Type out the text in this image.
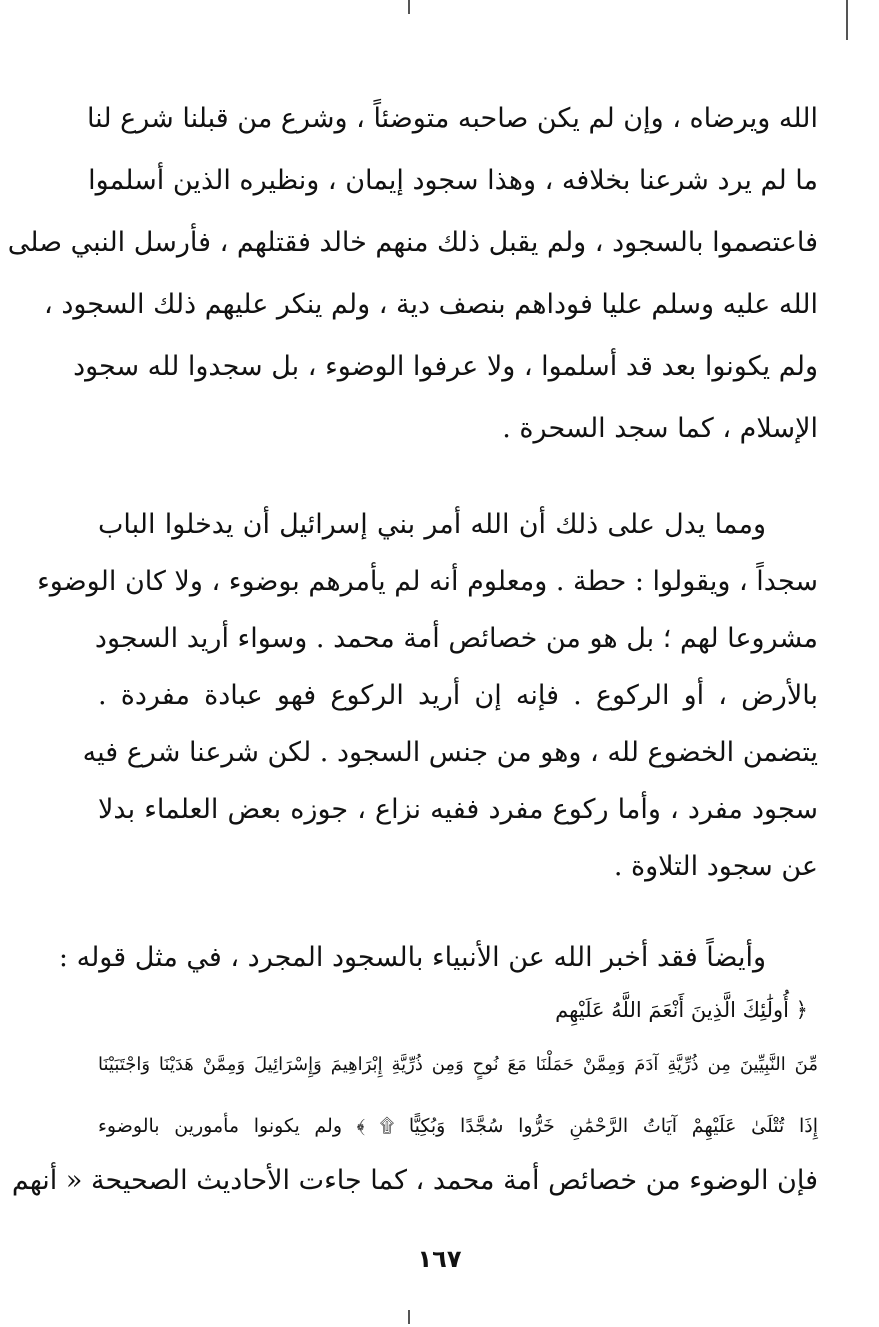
الله ويرضاه ، وإن لم يكن صاحبه متوضئاً ، وشرع من قبلنا شرع لنا
ما لم يرد شرعنا بخلافه ، وهذا سجود إيمان ، ونظيره الذين أسلموا
فاعتصموا بالسجود ، ولم يقبل ذلك منهم خالد فقتلهم ، فأرسل النبي صلى
الله عليه وسلم عليا فوداهم بنصف دية ، ولم ينكر عليهم ذلك السجود ،
ولم يكونوا بعد قد أسلموا ، ولا عرفوا الوضوء ، بل سجدوا لله سجود
الإسلام ، كما سجد السحرة .
ومما يدل على ذلك أن الله أمر بني إسرائيل أن يدخلوا الباب
سجداً ، ويقولوا : حطة . ومعلوم أنه لم يأمرهم بوضوء ، ولا كان الوضوء
مشروعا لهم ؛ بل هو من خصائص أمة محمد . وسواء أريد السجود
بالأرض ، أو الركوع . فإنه إن أريد الركوع فهو عبادة مفردة .
يتضمن الخضوع لله ، وهو من جنس السجود . لكن شرعنا شرع فيه
سجود مفرد ، وأما ركوع مفرد ففيه نزاع ، جوزه بعض العلماء بدلا
عن سجود التلاوة .
وأيضاً فقد أخبر الله عن الأنبياء بالسجود المجرد ، في مثل قوله :
﴿ أُولَٰئِكَ الَّذِينَ أَنْعَمَ اللَّهُ عَلَيْهِم
مِّنَ النَّبِيِّينَ مِن ذُرِّيَّةِ آدَمَ وَمِمَّنْ حَمَلْنَا مَعَ نُوحٍ وَمِن ذُرِّيَّةِ إِبْرَاهِيمَ وَإِسْرَائِيلَ وَمِمَّنْ هَدَيْنَا وَاجْتَبَيْنَا
إِذَا تُتْلَىٰ عَلَيْهِمْ آيَاتُ الرَّحْمَٰنِ خَرُّوا سُجَّدًا وَبُكِيًّا ۩ ﴾ ولم يكونوا مأمورين بالوضوء
فإن الوضوء من خصائص أمة محمد ، كما جاءت الأحاديث الصحيحة « أنهم
١٦٧
